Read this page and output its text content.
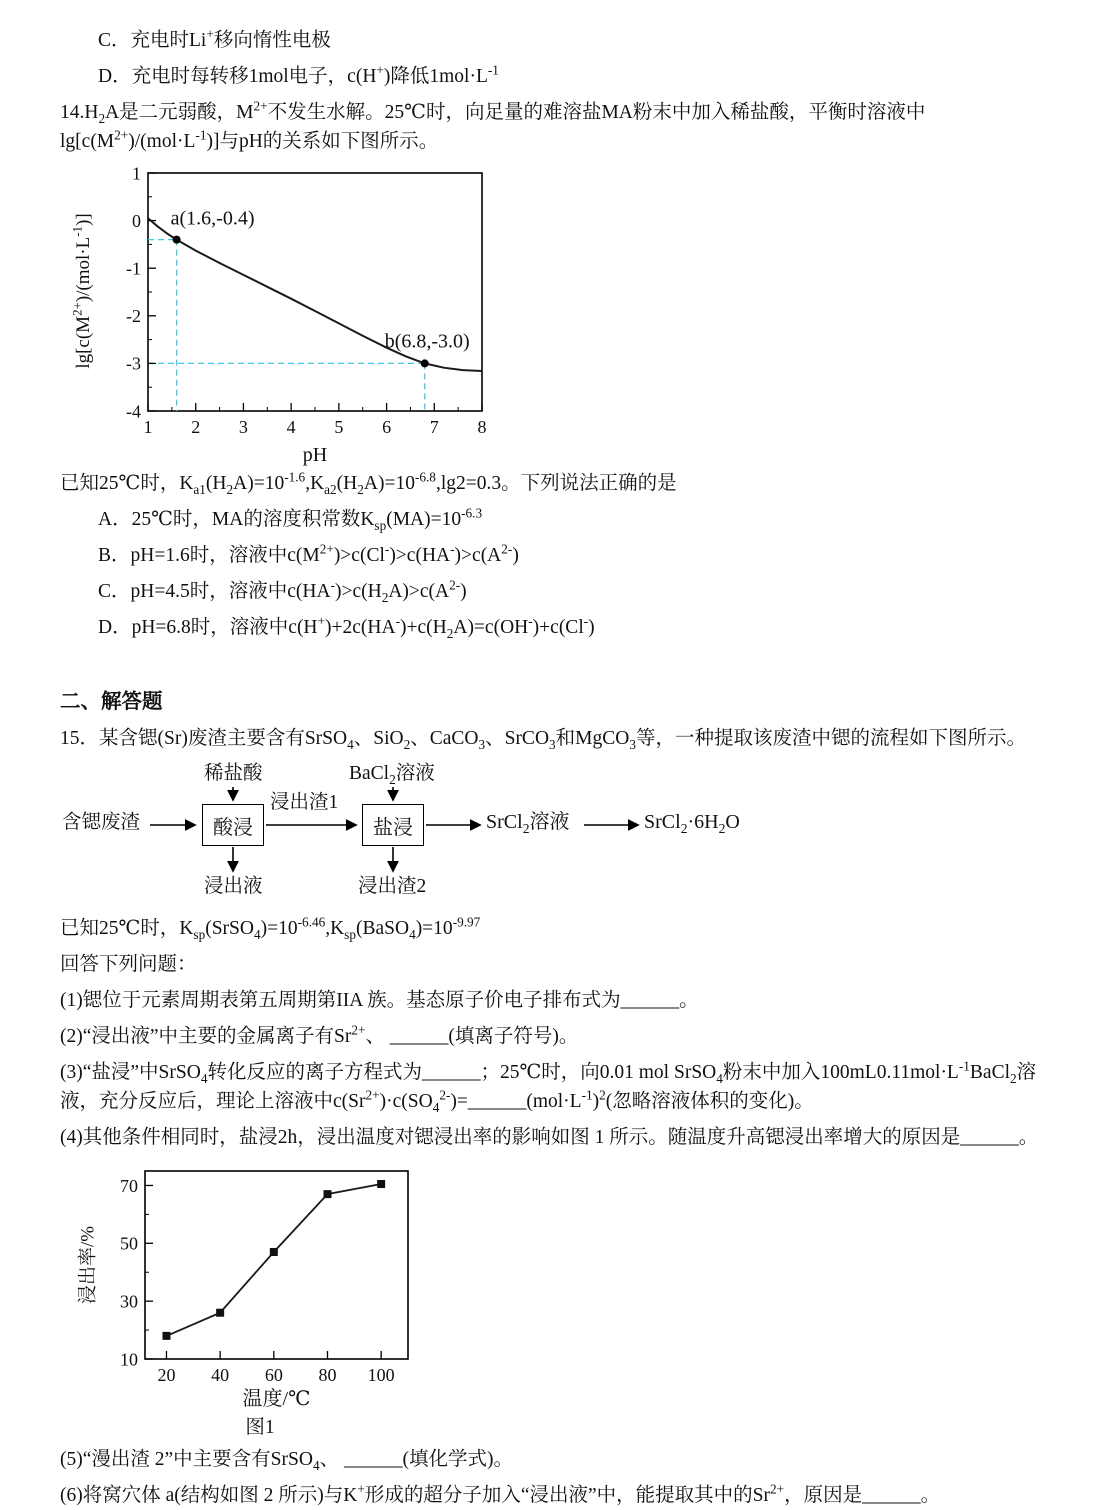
C．充电时Li+移向惰性电极

D．充电时每转移1mol电子，c(H+)降低$1mol\cdot L^{-1}$

$14.H_2A$是二元弱酸，$M^{2+}$不发生水解。25℃时，向足量的难溶盐MA粉末中加入稀盐酸，平衡时溶液中$\lg[c(M^{2+})/(mol\cdot L^{-1})]$与pH的关系如下图所示。

$\lg[c(M^{2+})/(mol\cdot L^{-1})]$
1 2 3 4 5 6 7 8
1
0
-1
-2
-3
-4
a(1.6,-0.4)
b(6.8,-3.0)
pH

已知25℃时，$K_{a1}(H_2A)=10^{-1.6},K_{a2}(H_2A)=10^{-6.8},\lg 2=0.3$。下列说法正确的是

A．25℃时，MA的溶度积常数$K_{sp}(MA)=10^{-6.3}$

B．pH=1.6时，溶液中$c(M^{2+})>c(Cl^-)>c(HA^-)>c(A^{2-})$

C．pH=4.5时，溶液中$c(HA^-)>c(H_2A)>c(A^{2-})$

D．pH=6.8时，溶液中$c(H^+)+2c(HA^-)+c(H_2A)=c(OH^-)+c(Cl^-)$

二、解答题

15．某含锶(Sr)废渣主要含有SrSO$_4$、SiO$_2$、CaCO$_3$、SrCO$_3$和MgCO$_3$等，一种提取该废渣中锶的流程如下图所示。

含锶废渣
稀盐酸
酸浸
浸出渣1
BaCl$_2$溶液
盐浸
浸出液	浸出渣2
SrCl$_2$溶液	$SrCl_2\cdot 6H_2O$

已知25℃时，$K_{sp}(SrSO_4)=10^{-6.46},K_{sp}(BaSO_4)=10^{-9.97}$

回答下列问题：

(1)锶位于元素周期表第五周期第IIA 族。基态原子价电子排布式为______。

(2)“浸出液”中主要的金属离子有$Sr^{2+}$、 ______(填离子符号)。

(3)“盐浸”中SrSO$_4$转化反应的离子方程式为______；25℃时，向0.01 mol SrSO$_4$粉末中加入$100mL0.11mol\cdot L^{-1}BaCl_2$溶液，充分反应后，理论上溶液中$c(Sr^{2+})\cdot c(SO_4^{2-})=\_\_\_\_\_\_(mol\cdot L^{-1})^2$(忽略溶液体积的变化)。

(4)其他条件相同时，盐浸2h，浸出温度对锶浸出率的影响如图 1 所示。随温度升高锶浸出率增大的原因是______。

浸出率/%
20 40 60 80 100
10
30
50
70
温度/℃
图1

(5)“漫出渣 2”中主要含有SrSO$_4$、 ______(填化学式)。

(6)将窝穴体 a(结构如图 2 所示)与K+形成的超分子加入“浸出液”中，能提取其中的$Sr^{2+}$，原因是______。
